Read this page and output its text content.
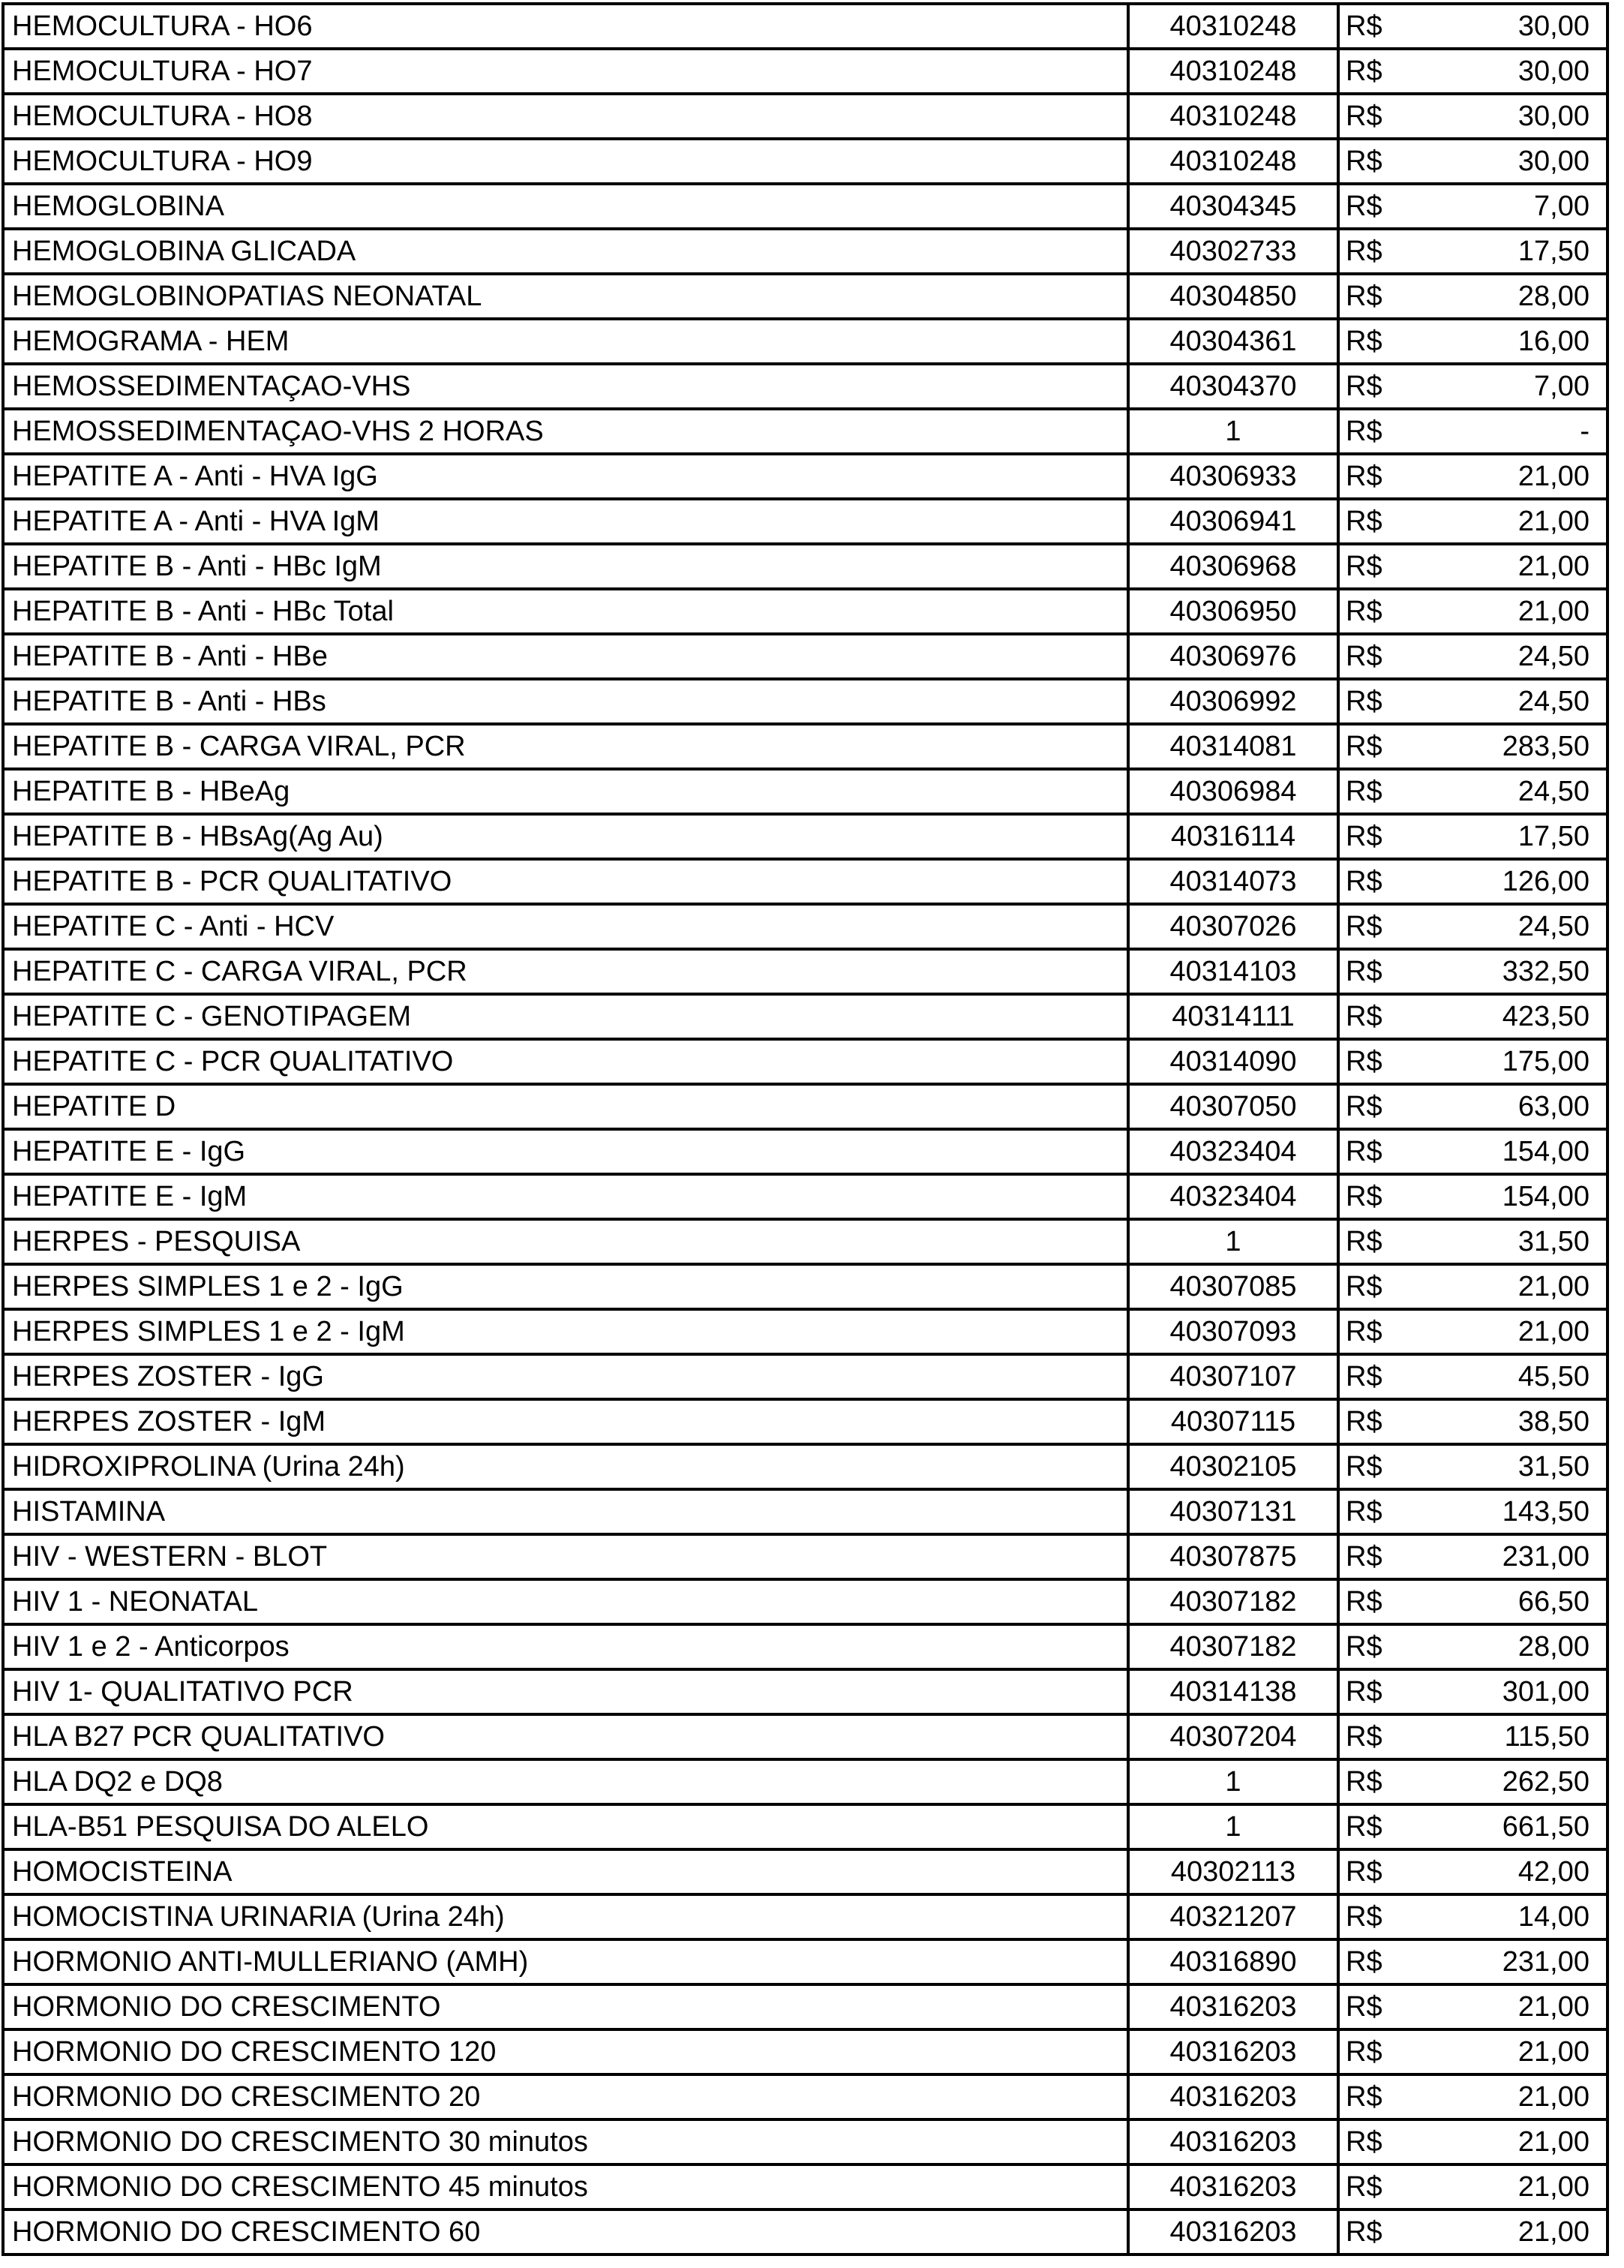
HEMOCULTURA - HO6	40310248	R$	30,00
HEMOCULTURA - HO7	40310248	R$	30,00
HEMOCULTURA - HO8	40310248	R$	30,00
HEMOCULTURA - HO9	40310248	R$	30,00
HEMOGLOBINA	40304345	R$	7,00
HEMOGLOBINA GLICADA	40302733	R$	17,50
HEMOGLOBINOPATIAS NEONATAL	40304850	R$	28,00
HEMOGRAMA - HEM	40304361	R$	16,00
HEMOSSEDIMENTAÇAO-VHS	40304370	R$	7,00
HEMOSSEDIMENTAÇAO-VHS 2 HORAS	1	R$	-
HEPATITE A - Anti - HVA IgG	40306933	R$	21,00
HEPATITE A - Anti - HVA IgM	40306941	R$	21,00
HEPATITE B - Anti - HBc IgM	40306968	R$	21,00
HEPATITE B - Anti - HBc Total	40306950	R$	21,00
HEPATITE B - Anti - HBe	40306976	R$	24,50
HEPATITE B - Anti - HBs	40306992	R$	24,50
HEPATITE B - CARGA VIRAL, PCR	40314081	R$	283,50
HEPATITE B - HBeAg	40306984	R$	24,50
HEPATITE B - HBsAg(Ag Au)	40316114	R$	17,50
HEPATITE B - PCR QUALITATIVO	40314073	R$	126,00
HEPATITE C - Anti - HCV	40307026	R$	24,50
HEPATITE C - CARGA VIRAL, PCR	40314103	R$	332,50
HEPATITE C - GENOTIPAGEM	40314111	R$	423,50
HEPATITE C - PCR QUALITATIVO	40314090	R$	175,00
HEPATITE D	40307050	R$	63,00
HEPATITE E - IgG	40323404	R$	154,00
HEPATITE E - IgM	40323404	R$	154,00
HERPES - PESQUISA	1	R$	31,50
HERPES SIMPLES 1 e 2 - IgG	40307085	R$	21,00
HERPES SIMPLES 1 e 2 - IgM	40307093	R$	21,00
HERPES ZOSTER - IgG	40307107	R$	45,50
HERPES ZOSTER - IgM	40307115	R$	38,50
HIDROXIPROLINA (Urina 24h)	40302105	R$	31,50
HISTAMINA	40307131	R$	143,50
HIV - WESTERN - BLOT	40307875	R$	231,00
HIV 1 - NEONATAL	40307182	R$	66,50
HIV 1 e 2 - Anticorpos	40307182	R$	28,00
HIV 1- QUALITATIVO PCR	40314138	R$	301,00
HLA B27 PCR QUALITATIVO	40307204	R$	115,50
HLA DQ2 e DQ8	1	R$	262,50
HLA-B51 PESQUISA DO ALELO	1	R$	661,50
HOMOCISTEINA	40302113	R$	42,00
HOMOCISTINA URINARIA (Urina 24h)	40321207	R$	14,00
HORMONIO ANTI-MULLERIANO (AMH)	40316890	R$	231,00
HORMONIO DO CRESCIMENTO	40316203	R$	21,00
HORMONIO DO CRESCIMENTO 120	40316203	R$	21,00
HORMONIO DO CRESCIMENTO 20	40316203	R$	21,00
HORMONIO DO CRESCIMENTO 30 minutos	40316203	R$	21,00
HORMONIO DO CRESCIMENTO 45 minutos	40316203	R$	21,00
HORMONIO DO CRESCIMENTO 60	40316203	R$	21,00
